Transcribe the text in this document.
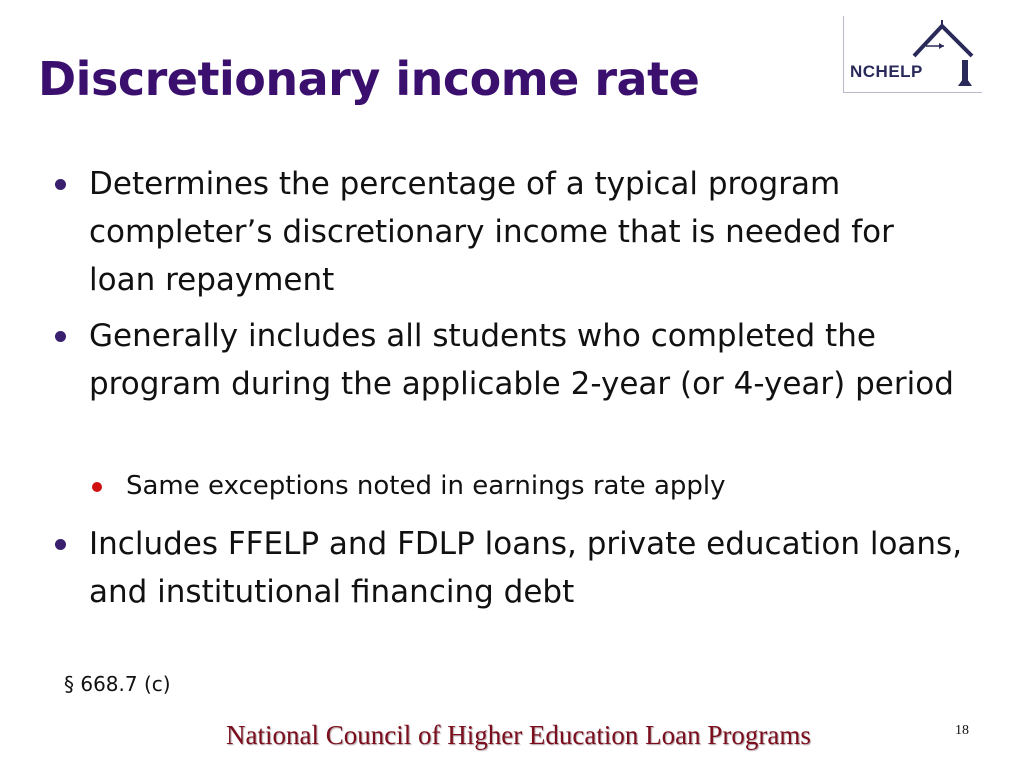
Discretionary income rate	NCHELP
Determines the percentage of a typical program completer’s discretionary income that is needed for loan repayment
Generally includes all students who completed the program during the applicable 2-year (or 4-year) period
Same exceptions noted in earnings rate apply
Includes FFELP and FDLP loans, private education loans, and institutional financing debt
§ 668.7 (c)
National Council of Higher Education Loan Programs	18
